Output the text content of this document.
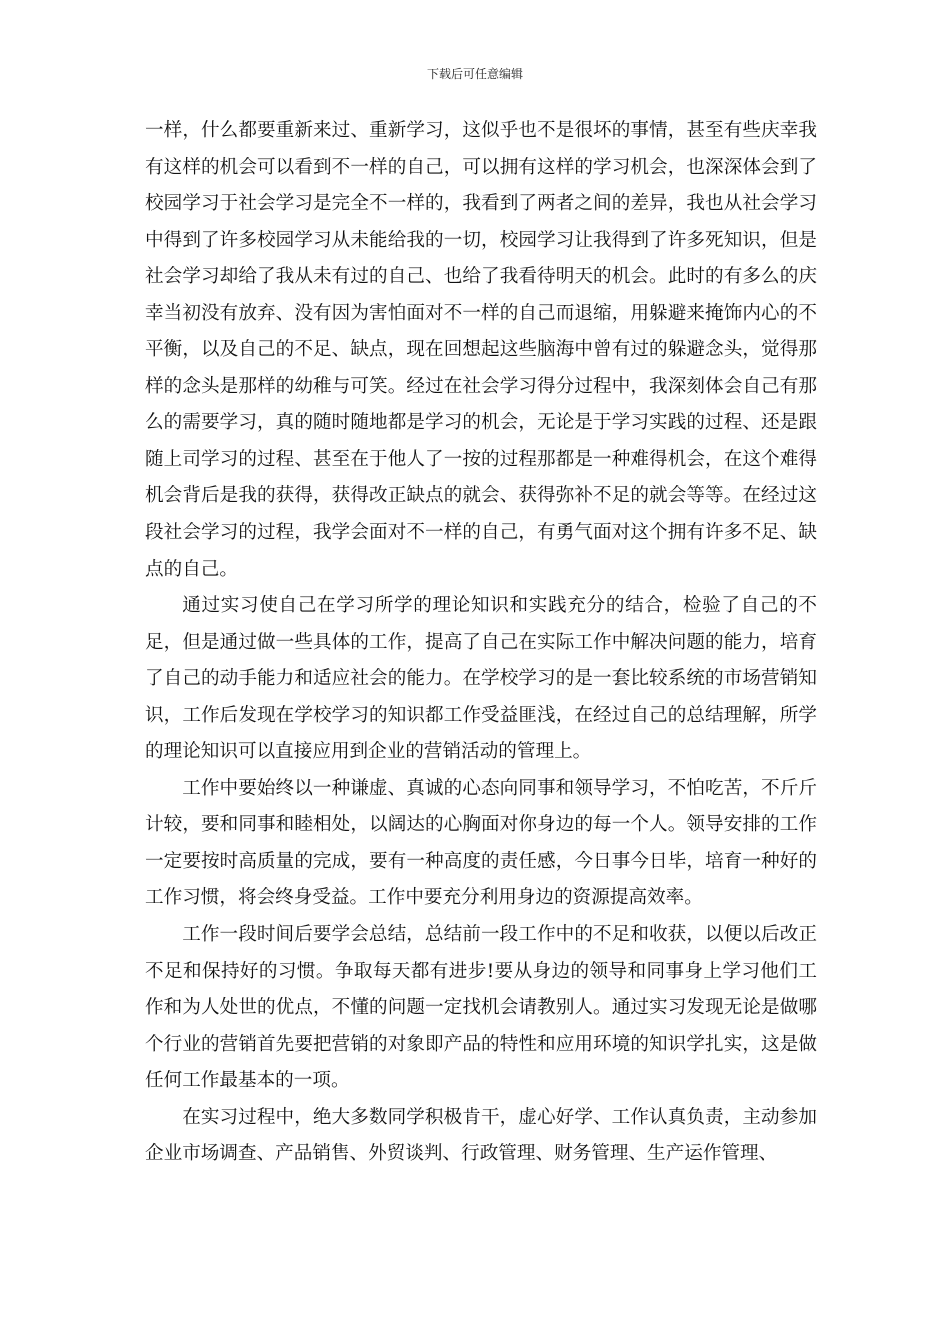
下载后可任意编辑

一样，什么都要重新来过、重新学习，这似乎也不是很坏的事情，甚至有些庆幸我有这样的机会可以看到不一样的自己，可以拥有这样的学习机会，也深深体会到了校园学习于社会学习是完全不一样的，我看到了两者之间的差异，我也从社会学习中得到了许多校园学习从未能给我的一切，校园学习让我得到了许多死知识，但是社会学习却给了我从未有过的自己、也给了我看待明天的机会。此时的有多么的庆幸当初没有放弃、没有因为害怕面对不一样的自己而退缩，用躲避来掩饰内心的不平衡，以及自己的不足、缺点，现在回想起这些脑海中曾有过的躲避念头，觉得那样的念头是那样的幼稚与可笑。经过在社会学习得分过程中，我深刻体会自己有那么的需要学习，真的随时随地都是学习的机会，无论是于学习实践的过程、还是跟随上司学习的过程、甚至在于他人了一按的过程那都是一种难得机会，在这个难得机会背后是我的获得，获得改正缺点的就会、获得弥补不足的就会等等。在经过这段社会学习的过程，我学会面对不一样的自己，有勇气面对这个拥有许多不足、缺点的自己。

通过实习使自己在学习所学的理论知识和实践充分的结合，检验了自己的不足，但是通过做一些具体的工作，提高了自己在实际工作中解决问题的能力，培育了自己的动手能力和适应社会的能力。在学校学习的是一套比较系统的市场营销知识，工作后发现在学校学习的知识都工作受益匪浅，在经过自己的总结理解，所学的理论知识可以直接应用到企业的营销活动的管理上。

工作中要始终以一种谦虚、真诚的心态向同事和领导学习，不怕吃苦，不斤斤计较，要和同事和睦相处，以阔达的心胸面对你身边的每一个人。领导安排的工作一定要按时高质量的完成，要有一种高度的责任感，今日事今日毕，培育一种好的工作习惯，将会终身受益。工作中要充分利用身边的资源提高效率。

工作一段时间后要学会总结，总结前一段工作中的不足和收获，以便以后改正不足和保持好的习惯。争取每天都有进步!要从身边的领导和同事身上学习他们工作和为人处世的优点，不懂的问题一定找机会请教别人。通过实习发现无论是做哪个行业的营销首先要把营销的对象即产品的特性和应用环境的知识学扎实，这是做任何工作最基本的一项。

在实习过程中，绝大多数同学积极肯干，虚心好学、工作认真负责，主动参加企业市场调查、产品销售、外贸谈判、行政管理、财务管理、生产运作管理、
